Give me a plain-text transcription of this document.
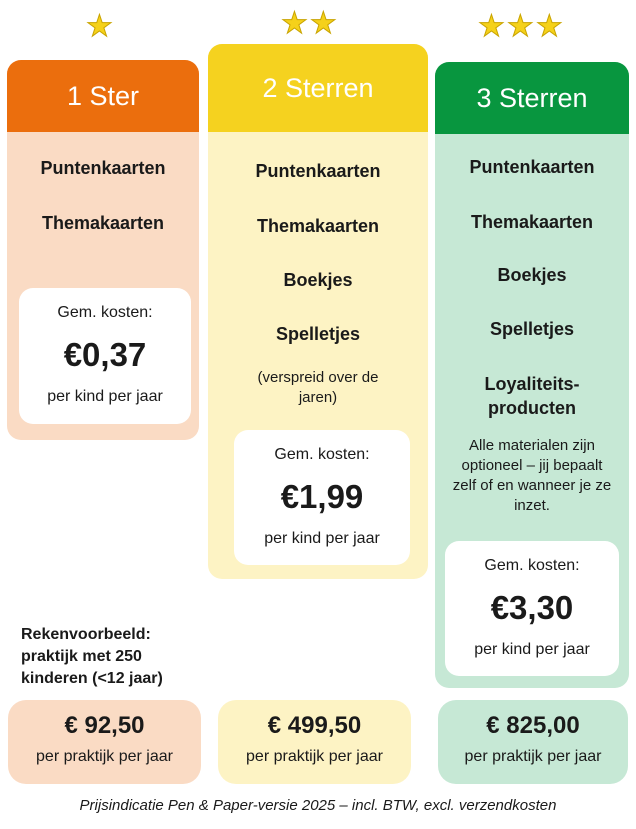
★	★ ★	★ ★ ★
1 Ster
Puntenkaarten
Themakaarten
Gem. kosten:
€0,37
per kind per jaar
2 Sterren
Puntenkaarten
Themakaarten
Boekjes
Spelletjes
(verspreid over de jaren)
Gem. kosten:
€1,99
per kind per jaar
3 Sterren
Puntenkaarten
Themakaarten
Boekjes
Spelletjes
Loyaliteits-producten
Alle materialen zijn optioneel – jij bepaalt zelf of en wanneer je ze inzet.
Gem. kosten:
€3,30
per kind per jaar
Rekenvoorbeeld: praktijk met 250 kinderen (<12 jaar)
€ 92,50
per praktijk per jaar
€ 499,50
per praktijk per jaar
€ 825,00
per praktijk per jaar
Prijsindicatie Pen & Paper-versie 2025 – incl. BTW, excl. verzendkosten
